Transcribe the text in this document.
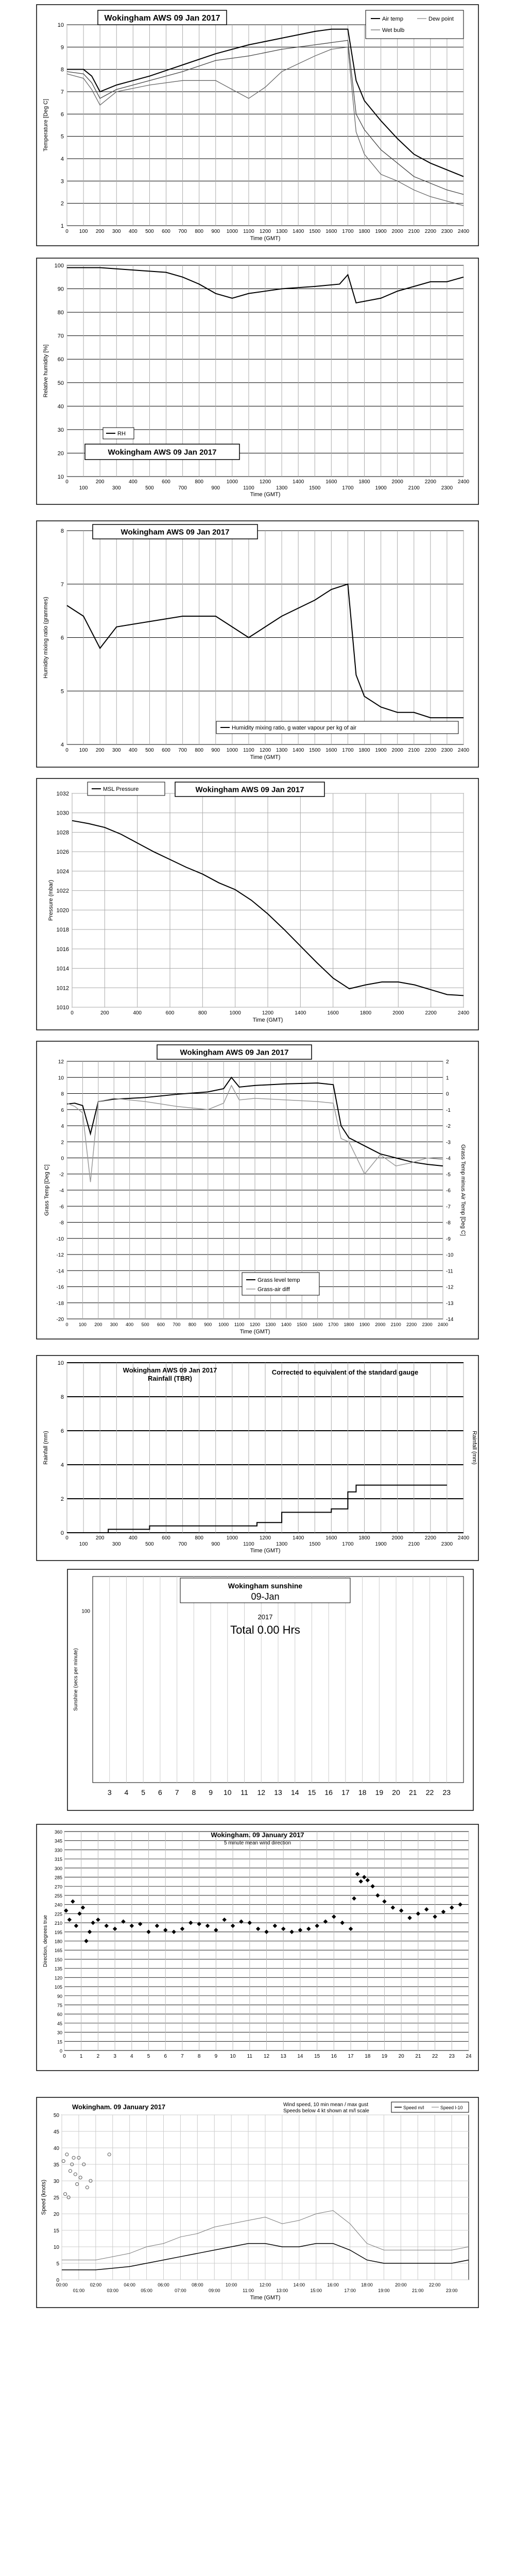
1
2
3
4
5
6
7
8
9
10
0 100 200 300 400 500 600 700 800 900 1000 1100 1200 1300 1400 1500 1600 1700 1800 1900 2000 2100 2200 2300 2400
Time (GMT)
Temperature [Deg C]
Wokingham AWS 09 Jan 2017	Air temp
Wet bulb
Dew point
10
20
30
40
50
60
70
80
90
100
0	200	400	600	800	1000	1200	1400	1600	1800	2000	2200	2400
100	300	500	700	900	1100	1300	1500	1700	1900	2100	2300
Time (GMT)
Relative humidity [%]
RH
Wokingham AWS 09 Jan 2017
4
5
6
7
8
0 100 200 300 400 500 600 700 800 900 1000 1100 1200 1300 1400 1500 1600 1700 1800 1900 2000 2100 2200 2300 2400
Time (GMT)
Humidity mixing ratio (grammes)
Wokingham AWS 09 Jan 2017
Humidity mixing ratio, g water vapour per kg of air
1010
1012
1014
1016
1018
1020
1022
1024
1026
1028
1030
1032
0	200	400	600	800	1000	1200	1400	1600	1800	2000	2200	2400
Time (GMT)
Pressure (mbar)
MSL Pressure	Wokingham AWS 09 Jan 2017
12
10
8
6
4
2
0
-2
-4
-6
-8
-10
-12
-14
-16
-18
-20
2
1
0
-1
-2
-3
-4
-5
-6
-7
-8
-9
-10
-11
-12
-13
-14
0 100 200 300 400 500 600 700 800 900 1000 1100 1200 1300 1400 1500 1600 1700 1800 1900 2000 2100 2200 2300 2400
Time (GMT)
Grass Temp [Deg C]	Grass Temp minus Air Temp [Deg C]
Wokingham AWS 09 Jan 2017
Grass level temp
Grass-air diff
0
2
4
6
8
10
0	200	400	600	800	1000	1200	1400	1600	1800	2000	2200	2400
100	300	500	700	900	1100	1300	1500	1700	1900	2100	2300
Time (GMT)
Rainfall (mm)	Rainfall (mm)
Wokingham AWS 09 Jan 2017
Rainfall (TBR)
Corrected to equivalent of the standard gauge
3 4 5 6 7 8 9 10 11 12 13 14 15 16 17 18 19 20 21 22 23
100
Sunshine (secs per minute)
Wokingham sunshine
09-Jan
2017
Total 0.00 Hrs
0
15
30
45
60
75
90
105
120
135
150
165
180
195
210
225
240
255
270
285
300
315
330
345
360
0	1	2	3	4	5	6	7	8	9 10 11 12 13 14 15 16 17 18 19 20 21 22 23 24
Direction, degrees true
Wokingham. 09 January 2017
5 minute mean wind direction
0
5
10
15
20
25
30
35
40
45
50
00:00	02:00	04:00	06:00	08:00	10:00	12:00	14:00	16:00	18:00	20:00	22:00
01:00	03:00	05:00	07:00	09:00	11:00	13:00	15:00	17:00	19:00	21:00	23:00
Time (GMT)
Speed (knots)
Wokingham. 09 January 2017	Wind speed, 10 min mean / max gust
Speeds below 4 kt shown at m/l scale
Speed m/l	Speed l-10
